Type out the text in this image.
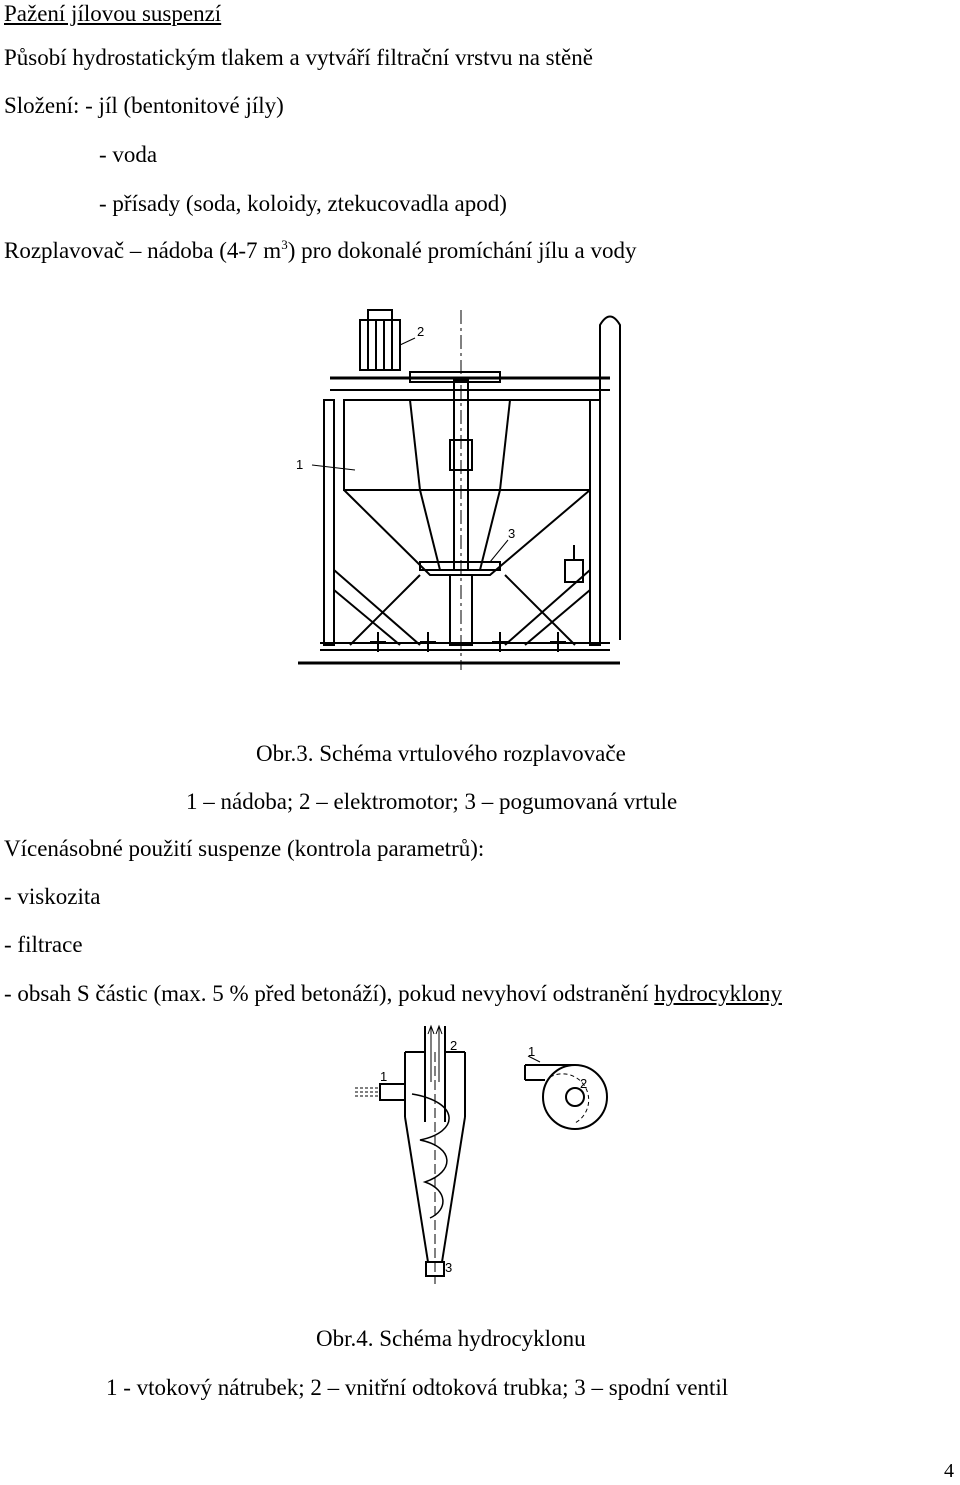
Pažení jílovou suspenzí
Působí hydrostatickým tlakem a vytváří filtrační vrstvu na stěně
Složení: - jíl (bentonitové jíly)
- voda
- přísady (soda, koloidy, ztekucovadla apod)
Rozplavovač – nádoba (4-7 $m^3$) pro dokonalé promíchání jílu a vody
1
2
3
Obr.3. Schéma vrtulového rozplavovače
1 – nádoba; 2 – elektromotor; 3 – pogumovaná vrtule
Vícenásobné použití suspenze (kontrola parametrů):
- viskozita
- filtrace
- obsah S částic (max. 5 % před betonáží), pokud nevyhoví odstranění hydrocyklony
1
2
3
1
2
Obr.4. Schéma hydrocyklonu
1 - vtokový nátrubek; 2 – vnitřní odtoková trubka; 3 – spodní ventil
4
